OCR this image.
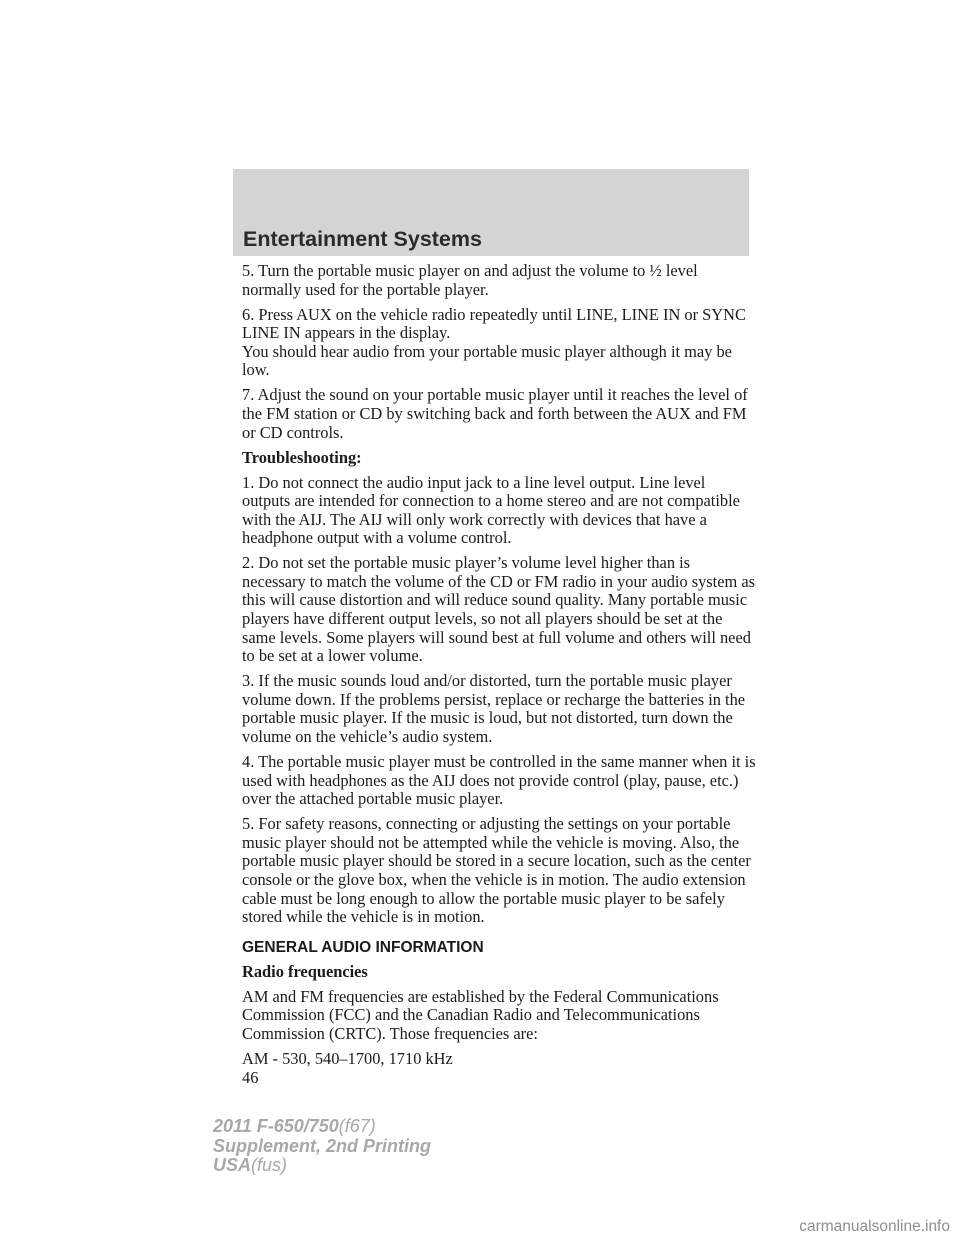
Entertainment Systems

5. Turn the portable music player on and adjust the volume to ½ level normally used for the portable player.

6. Press AUX on the vehicle radio repeatedly until LINE, LINE IN or SYNC LINE IN appears in the display.

You should hear audio from your portable music player although it may be low.

7. Adjust the sound on your portable music player until it reaches the level of the FM station or CD by switching back and forth between the AUX and FM or CD controls.

Troubleshooting:

1. Do not connect the audio input jack to a line level output. Line level outputs are intended for connection to a home stereo and are not compatible with the AIJ. The AIJ will only work correctly with devices that have a headphone output with a volume control.

2. Do not set the portable music player’s volume level higher than is necessary to match the volume of the CD or FM radio in your audio system as this will cause distortion and will reduce sound quality. Many portable music players have different output levels, so not all players should be set at the same levels. Some players will sound best at full volume and others will need to be set at a lower volume.

3. If the music sounds loud and/or distorted, turn the portable music player volume down. If the problems persist, replace or recharge the batteries in the portable music player. If the music is loud, but not distorted, turn down the volume on the vehicle’s audio system.

4. The portable music player must be controlled in the same manner when it is used with headphones as the AIJ does not provide control (play, pause, etc.) over the attached portable music player.

5. For safety reasons, connecting or adjusting the settings on your portable music player should not be attempted while the vehicle is moving. Also, the portable music player should be stored in a secure location, such as the center console or the glove box, when the vehicle is in motion. The audio extension cable must be long enough to allow the portable music player to be safely stored while the vehicle is in motion.

GENERAL AUDIO INFORMATION

Radio frequencies

AM and FM frequencies are established by the Federal Communications Commission (FCC) and the Canadian Radio and Telecommunications Commission (CRTC). Those frequencies are:

AM - 530, 540–1700, 1710 kHz

46

2011 F-650/750(f67)
Supplement, 2nd Printing
USA(fus)
carmanualsonline.info
